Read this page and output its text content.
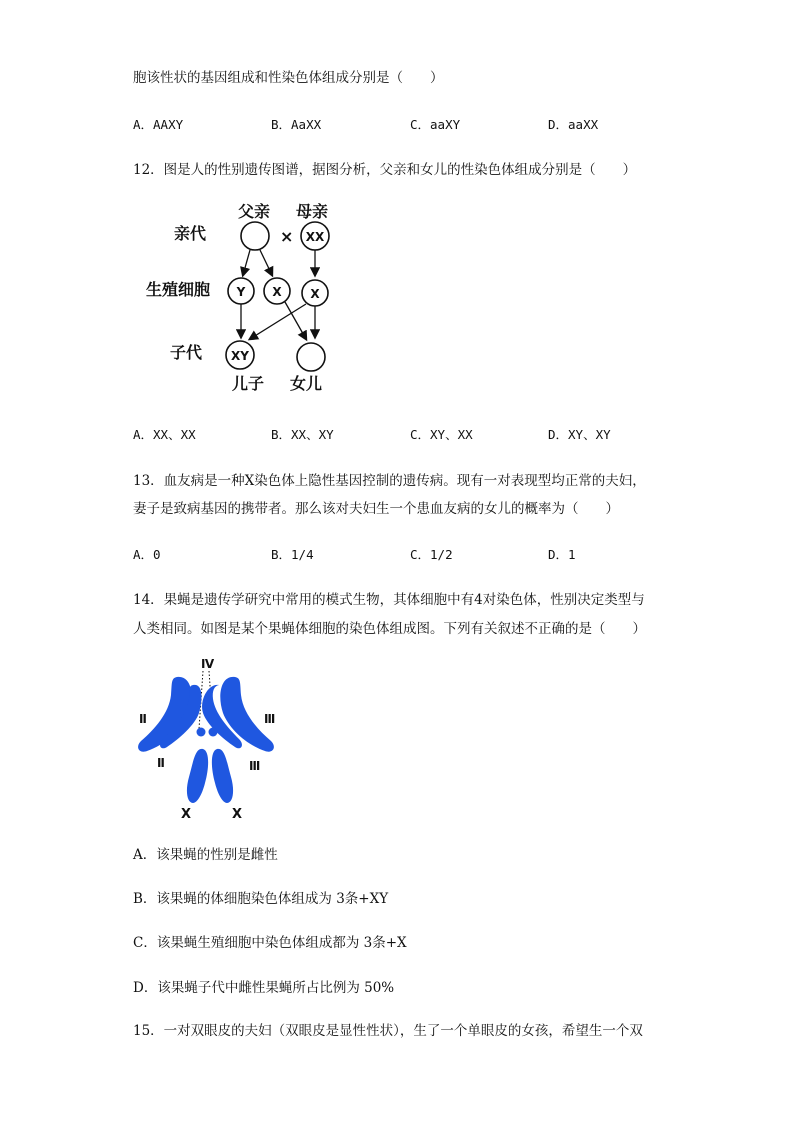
胞该性状的基因组成和性染色体组成分别是（　　）
A．AAXY	B．AaXX	C．aaXY	D．aaXX
12．图是人的性别遗传图谱，据图分析，父亲和女儿的性染色体组成分别是（　　）
亲代
生殖细胞
子代
父亲 母亲
× XX
Y X X
XY
儿子 女儿
A．XX、XX	B．XX、XY	C．XY、XX	D．XY、XY
13．血友病是一种X染色体上隐性基因控制的遗传病。现有一对表现型均正常的夫妇，
妻子是致病基因的携带者。那么该对夫妇生一个患血友病的女儿的概率为（　　）
A．0	B．1/4	C．1/2	D．1
14．果蝇是遗传学研究中常用的模式生物，其体细胞中有4对染色体，性别决定类型与
人类相同。如图是某个果蝇体细胞的染色体组成图。下列有关叙述不正确的是（　　）
Ⅳ
Ⅱ
Ⅱ
Ⅲ
Ⅲ
X	X
A．该果蝇的性别是雌性
B．该果蝇的体细胞染色体组成为 3条+XY
C．该果蝇生殖细胞中染色体组成都为 3条+X
D．该果蝇子代中雌性果蝇所占比例为 50%
15．一对双眼皮的夫妇（双眼皮是显性性状），生了一个单眼皮的女孩，希望生一个双
